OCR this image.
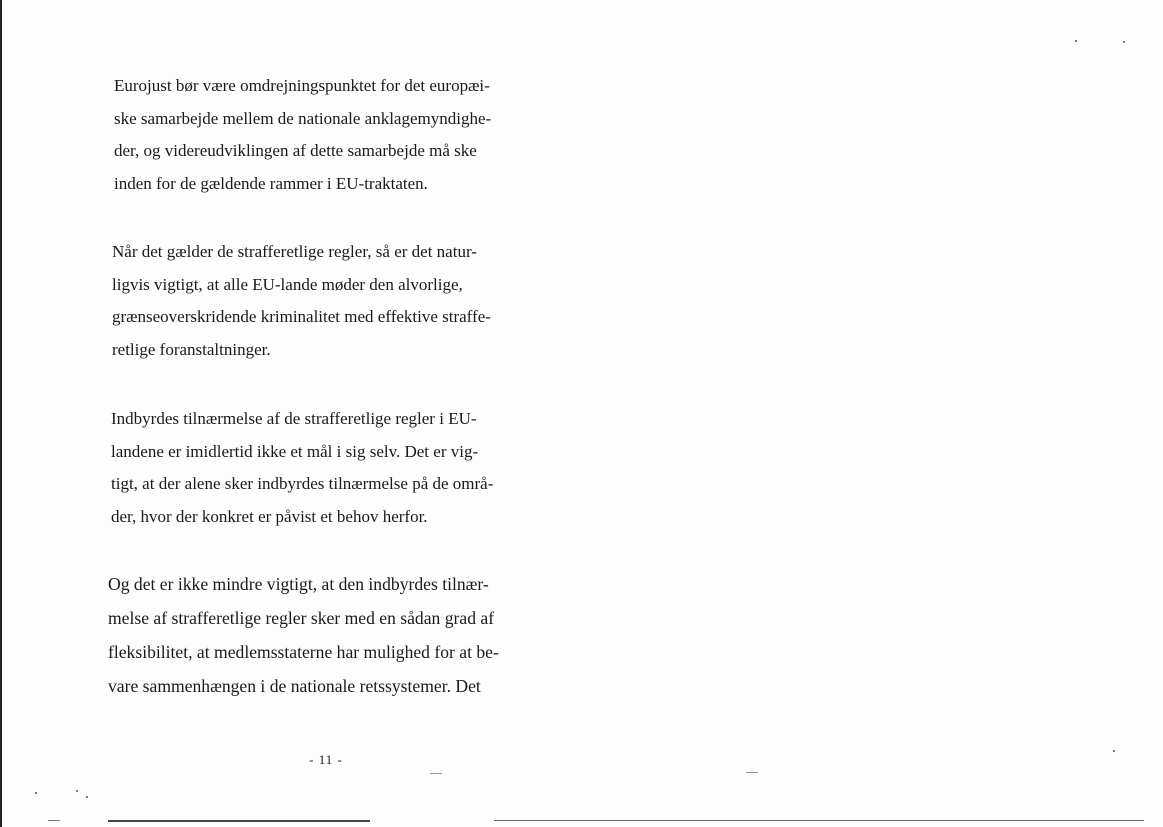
Eurojust bør være omdrejningspunktet for det europæi-
ske samarbejde mellem de nationale anklagemyndighe-
der, og videreudviklingen af dette samarbejde må ske
inden for de gældende rammer i EU-traktaten.

Når det gælder de strafferetlige regler, så er det natur-
ligvis vigtigt, at alle EU-lande møder den alvorlige,
grænseoverskridende kriminalitet med effektive straffe-
retlige foranstaltninger.

Indbyrdes tilnærmelse af de strafferetlige regler i EU-
landene er imidlertid ikke et mål i sig selv. Det er vig-
tigt, at der alene sker indbyrdes tilnærmelse på de områ-
der, hvor der konkret er påvist et behov herfor.

Og det er ikke mindre vigtigt, at den indbyrdes tilnær-
melse af strafferetlige regler sker med en sådan grad af
fleksibilitet, at medlemsstaterne har mulighed for at be-
vare sammenhængen i de nationale retssystemer. Det

- 11 -
